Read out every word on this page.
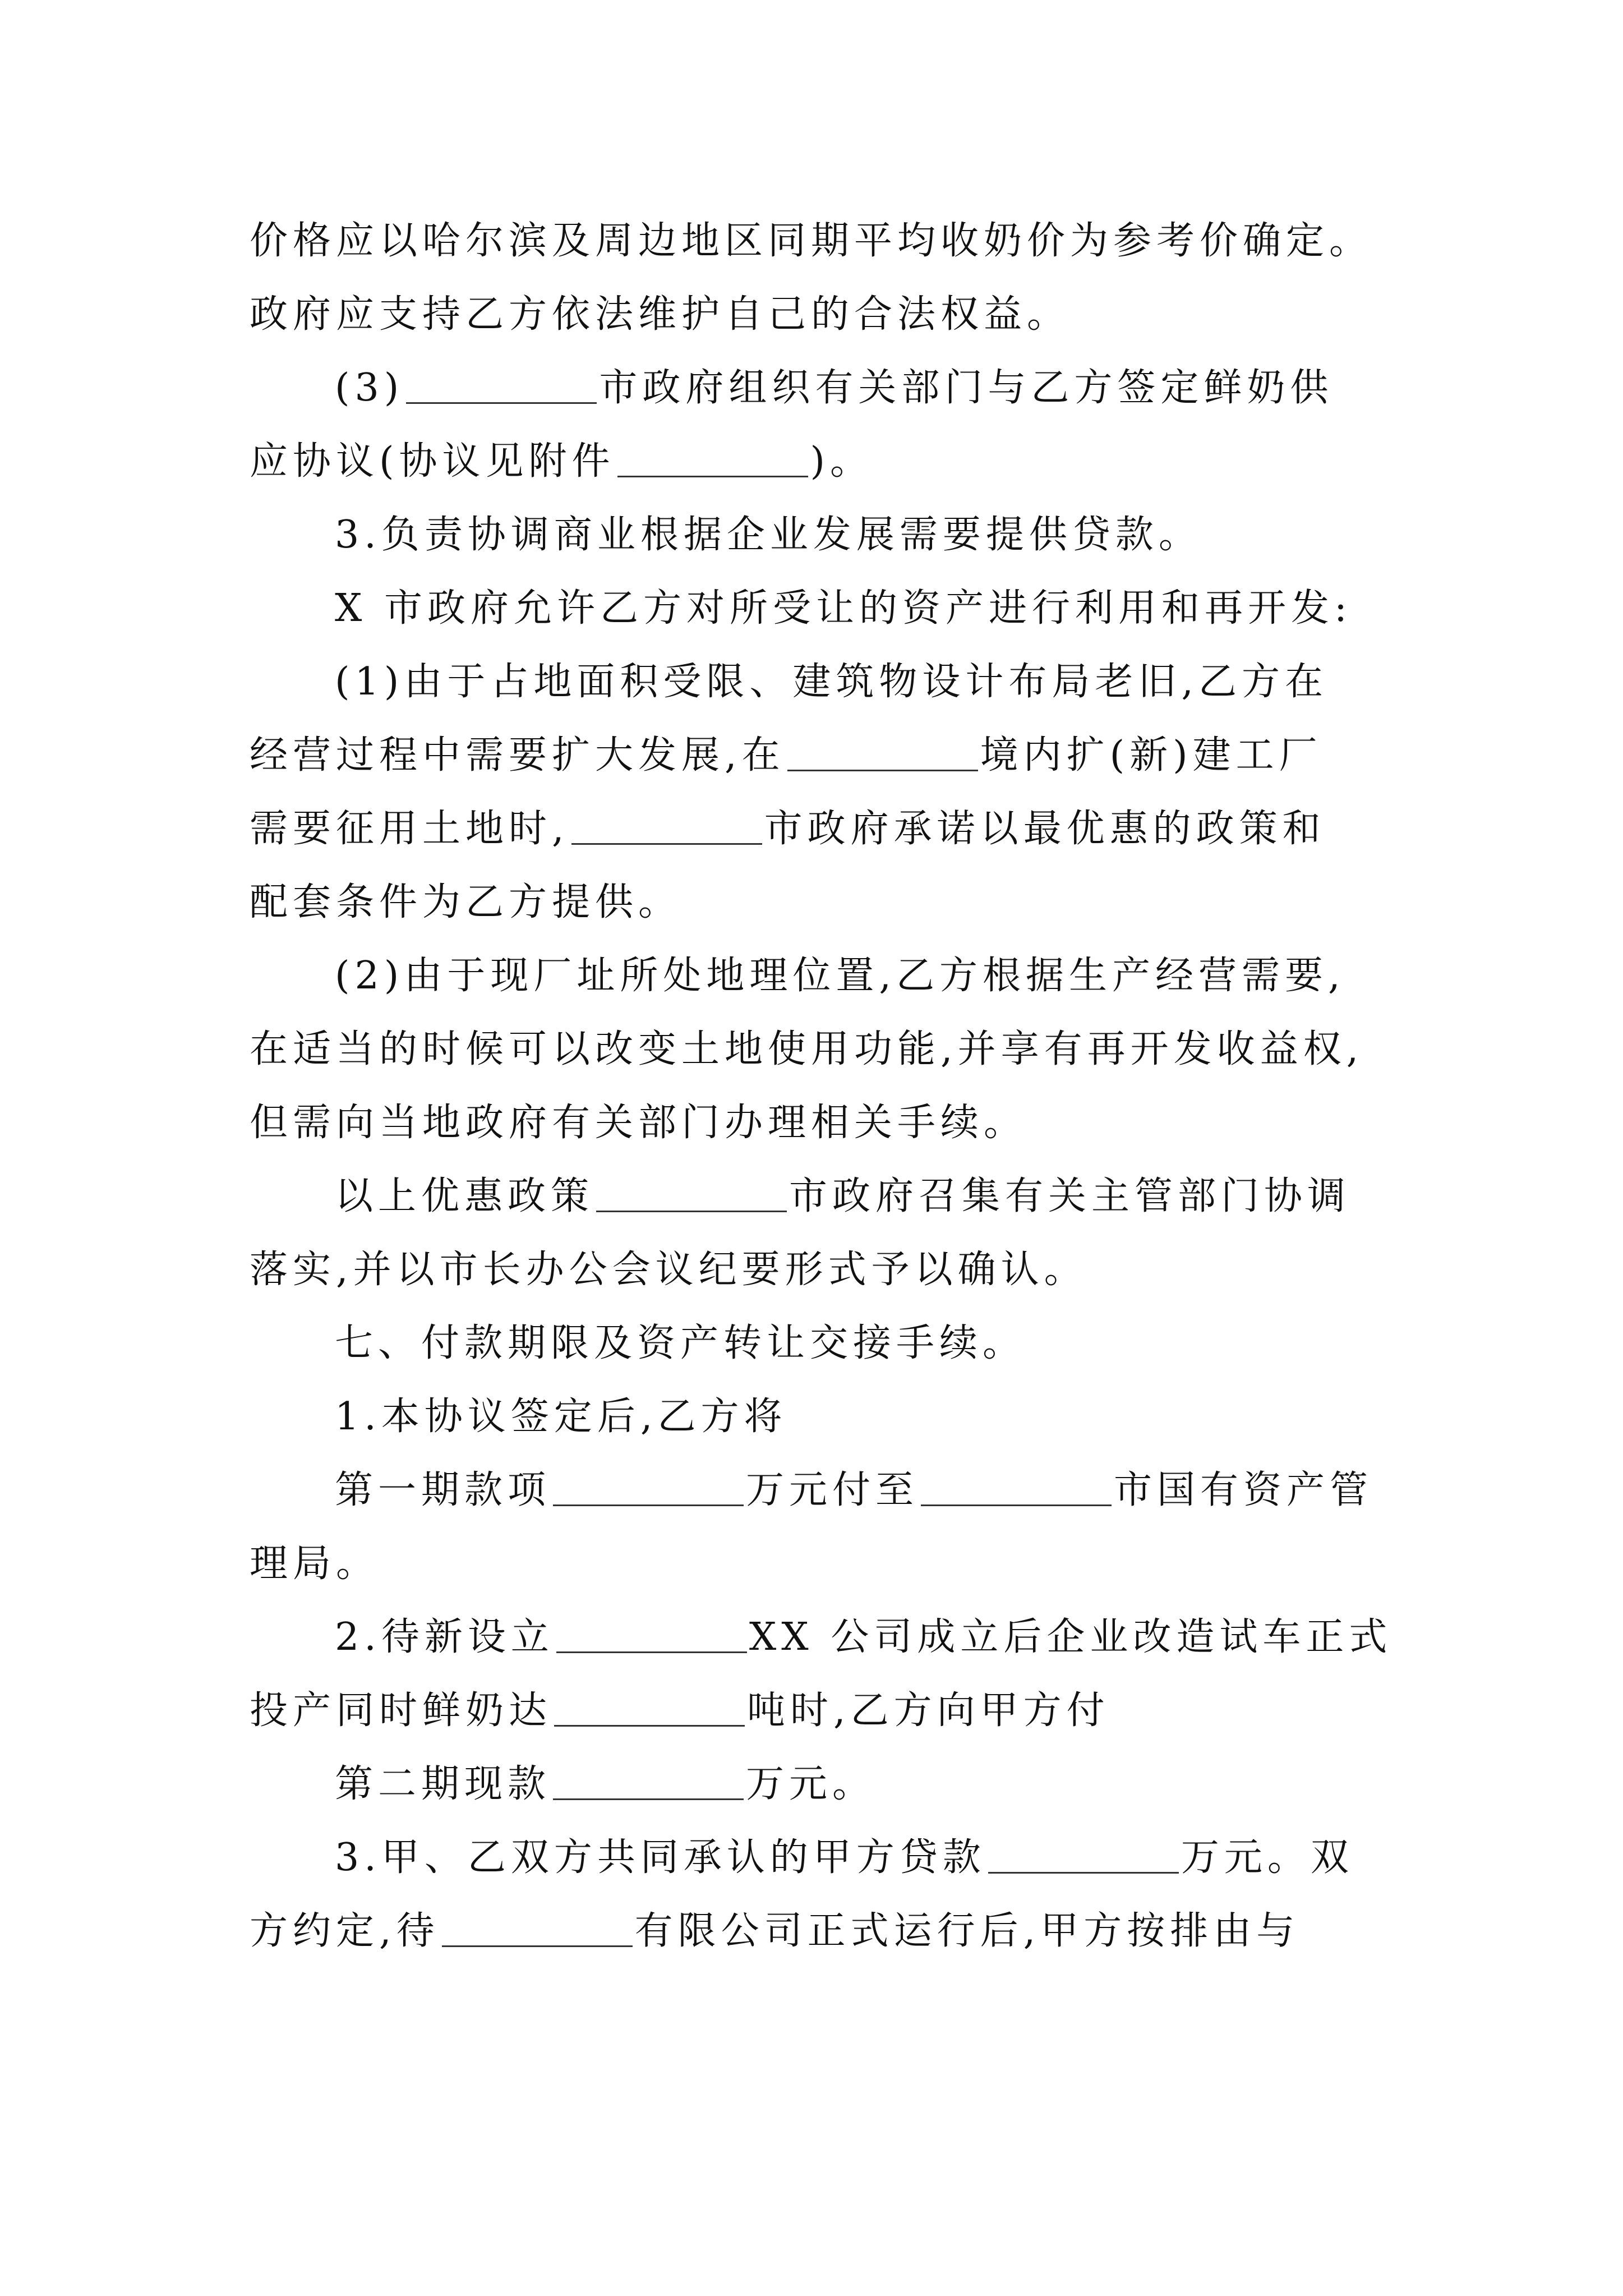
价格应以哈尔滨及周边地区同期平均收奶价为参考价确定。
政府应支持乙方依法维护自己的合法权益。
(3)	市政府组织有关部门与乙方签定鲜奶供
应协议(协议见附件	)。
3.负责协调商业根据企业发展需要提供贷款。
X 市政府允许乙方对所受让的资产进行利用和再开发:
(1)由于占地面积受限、建筑物设计布局老旧,乙方在
经营过程中需要扩大发展,在	境内扩(新)建工厂
需要征用土地时,	市政府承诺以最优惠的政策和
配套条件为乙方提供。
(2)由于现厂址所处地理位置,乙方根据生产经营需要,
在适当的时候可以改变土地使用功能,并享有再开发收益权,
但需向当地政府有关部门办理相关手续。
以上优惠政策	市政府召集有关主管部门协调
落实,并以市长办公会议纪要形式予以确认。
七、付款期限及资产转让交接手续。
1.本协议签定后,乙方将
第一期款项	万元付至	市国有资产管
理局。
2.待新设立	XX 公司成立后企业改造试车正式
投产同时鲜奶达	吨时,乙方向甲方付
第二期现款	万元。
3.甲、乙双方共同承认的甲方贷款	万元。双
方约定,待	有限公司正式运行后,甲方按排由与
